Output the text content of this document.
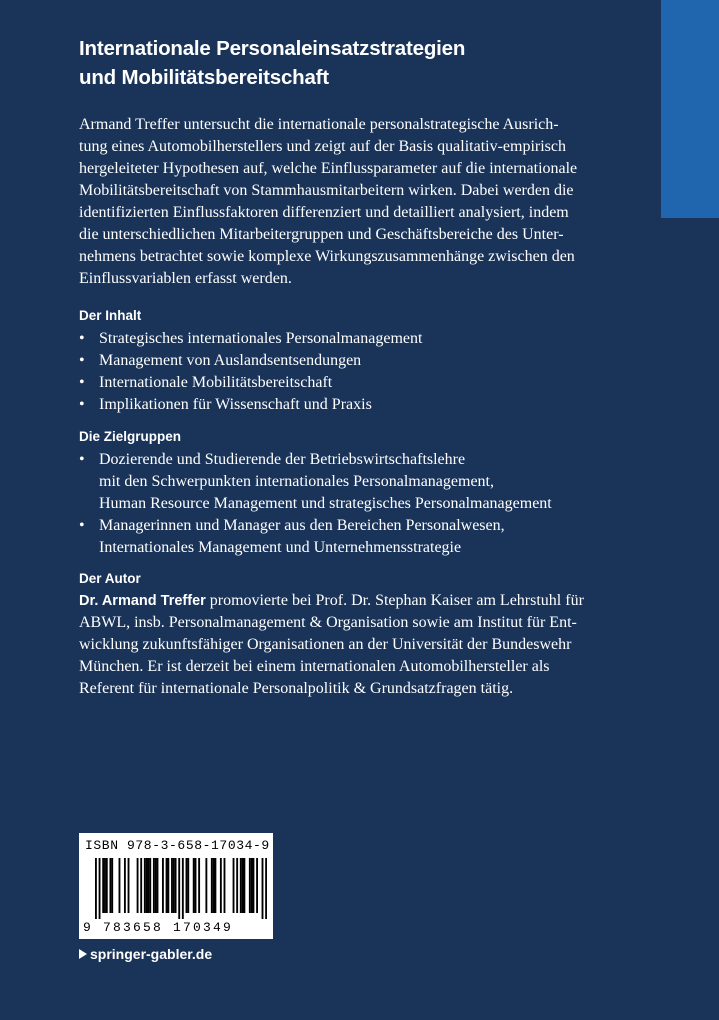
Internationale Personaleinsatzstrategien
und Mobilitätsbereitschaft

Armand Treffer untersucht die internationale personalstrategische Ausrich-
tung eines Automobilherstellers und zeigt auf der Basis qualitativ-empirisch
hergeleiteter Hypothesen auf, welche Einflussparameter auf die internationale
Mobilitätsbereitschaft von Stammhausmitarbeitern wirken. Dabei werden die
identifizierten Einflussfaktoren differenziert und detailliert analysiert, indem
die unterschiedlichen Mitarbeitergruppen und Geschäftsbereiche des Unter-
nehmens betrachtet sowie komplexe Wirkungszusammenhänge zwischen den
Einflussvariablen erfasst werden.

Der Inhalt
• Strategisches internationales Personalmanagement
• Management von Auslandsentsendungen
• Internationale Mobilitätsbereitschaft
• Implikationen für Wissenschaft und Praxis
Die Zielgruppen
• Dozierende und Studierende der Betriebswirtschaftslehre
mit den Schwerpunkten internationales Personalmanagement,
Human Resource Management und strategisches Personalmanagement
• Managerinnen und Manager aus den Bereichen Personalwesen,
Internationales Management und Unternehmensstrategie
Der Autor

Dr. Armand Treffer promovierte bei Prof. Dr. Stephan Kaiser am Lehrstuhl für
ABWL, insb. Personalmanagement & Organisation sowie am Institut für Ent-
wicklung zukunftsfähiger Organisationen an der Universität der Bundeswehr
München. Er ist derzeit bei einem internationalen Automobilhersteller als
Referent für internationale Personalpolitik & Grundsatzfragen tätig.

ISBN 978-3-658-17034-9
9 783658 170349
springer-gabler.de
